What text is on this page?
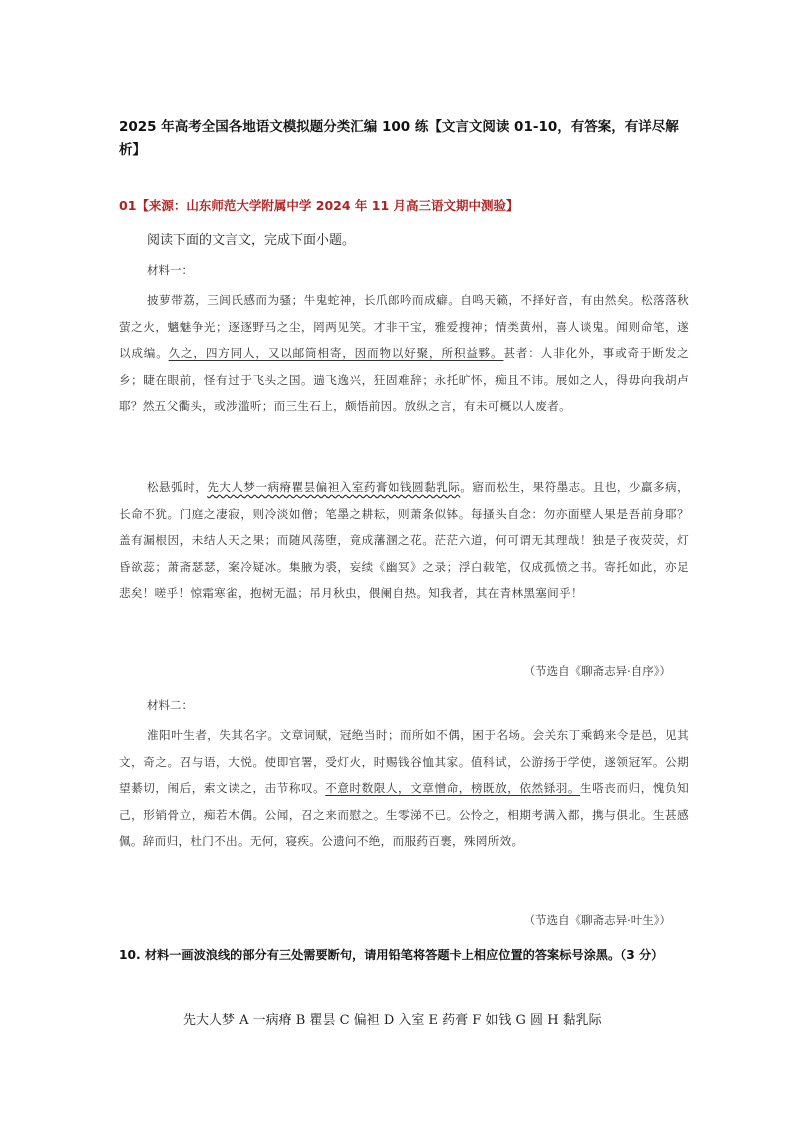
2025 年高考全国各地语文模拟题分类汇编 100 练【文言文阅读 01-10，有答案，有详尽解析】
01【来源：山东师范大学附属中学 2024 年 11 月高三语文期中测验】
阅读下面的文言文，完成下面小题。
材料一：
披萝带荔，三闾氏感而为骚；牛鬼蛇神，长爪郎吟而成癖。自鸣天籁，不择好音，有由然矣。松落落秋萤之火，魑魅争光；逐逐野马之尘，罔两见笑。才非干宝，雅爱搜神；情类黄州，喜人谈鬼。闻则命笔，遂以成编。久之，四方同人，又以邮筒相寄，因而物以好聚，所积益夥。甚者：人非化外，事或奇于断发之乡；睫在眼前，怪有过于飞头之国。遄飞逸兴，狂固难辞；永托旷怀，痴且不讳。展如之人，得毋向我胡卢耶？然五父衢头，或涉滥听；而三生石上，颇悟前因。放纵之言，有未可概以人废者。
松悬弧时，先大人梦一病瘠瞿昙偏袒入室药膏如钱圆黏乳际。寤而松生，果符墨志。且也，少羸多病，长命不犹。门庭之凄寂，则冷淡如僧；笔墨之耕耘，则萧条似钵。每搔头自念：勿亦面壁人果是吾前身耶？盖有漏根因，未结人天之果；而随风荡堕，竟成藩溷之花。茫茫六道，何可谓无其理哉！独是子夜荧荧，灯昏欲蕊；萧斋瑟瑟，案冷疑冰。集腋为裘，妄续《幽冥》之录；浮白载笔，仅成孤愤之书。寄托如此，亦足悲矣！嗟乎！惊霜寒雀，抱树无温；吊月秋虫，偎阑自热。知我者，其在青林黑塞间乎！
（节选自《聊斋志异·自序》）
材料二：
淮阳叶生者，失其名字。文章词赋，冠绝当时；而所如不偶，困于名场。会关东丁乘鹤来令是邑，见其文，奇之。召与语，大悦。使即官署，受灯火，时赐钱谷恤其家。值科试，公游扬于学使，遂领冠军。公期望綦切，闱后，索文读之，击节称叹。不意时数限人，文章憎命，榜既放，依然铩羽。生嗒丧而归，愧负知己，形销骨立，痴若木偶。公闻，召之来而慰之。生零涕不已。公怜之，相期考满入都，携与俱北。生甚感佩。辞而归，杜门不出。无何，寝疾。公遗问不绝，而服药百裹，殊罔所效。
（节选自《聊斋志异·叶生》）
10. 材料一画波浪线的部分有三处需要断句，请用铅笔将答题卡上相应位置的答案标号涂黑。（3 分）
先大人梦 A 一病瘠 B 瞿昙 C 偏袒 D 入室 E 药膏 F 如钱 G 圆 H 黏乳际
